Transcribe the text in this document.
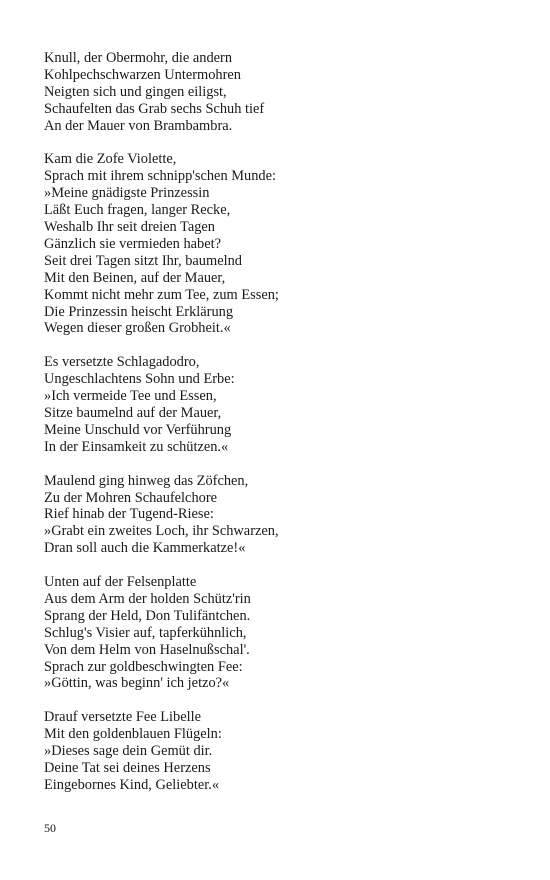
Knull, der Obermohr, die andern
Kohlpechschwarzen Untermohren
Neigten sich und gingen eiligst,
Schaufelten das Grab sechs Schuh tief
An der Mauer von Brambambra.
Kam die Zofe Violette,
Sprach mit ihrem schnipp'schen Munde:
»Meine gnädigste Prinzessin
Läßt Euch fragen, langer Recke,
Weshalb Ihr seit dreien Tagen
Gänzlich sie vermieden habet?
Seit drei Tagen sitzt Ihr, baumelnd
Mit den Beinen, auf der Mauer,
Kommt nicht mehr zum Tee, zum Essen;
Die Prinzessin heischt Erklärung
Wegen dieser großen Grobheit.«
Es versetzte Schlagadodro,
Ungeschlachtens Sohn und Erbe:
»Ich vermeide Tee und Essen,
Sitze baumelnd auf der Mauer,
Meine Unschuld vor Verführung
In der Einsamkeit zu schützen.«
Maulend ging hinweg das Zöfchen,
Zu der Mohren Schaufelchore
Rief hinab der Tugend-Riese:
»Grabt ein zweites Loch, ihr Schwarzen,
Dran soll auch die Kammerkatze!«
Unten auf der Felsenplatte
Aus dem Arm der holden Schütz'rin
Sprang der Held, Don Tulifäntchen.
Schlug's Visier auf, tapferkühnlich,
Von dem Helm von Haselnußschal'.
Sprach zur goldbeschwingten Fee:
»Göttin, was beginn' ich jetzo?«
Drauf versetzte Fee Libelle
Mit den goldenblauen Flügeln:
»Dieses sage dein Gemüt dir.
Deine Tat sei deines Herzens
Eingebornes Kind, Geliebter.«
50
